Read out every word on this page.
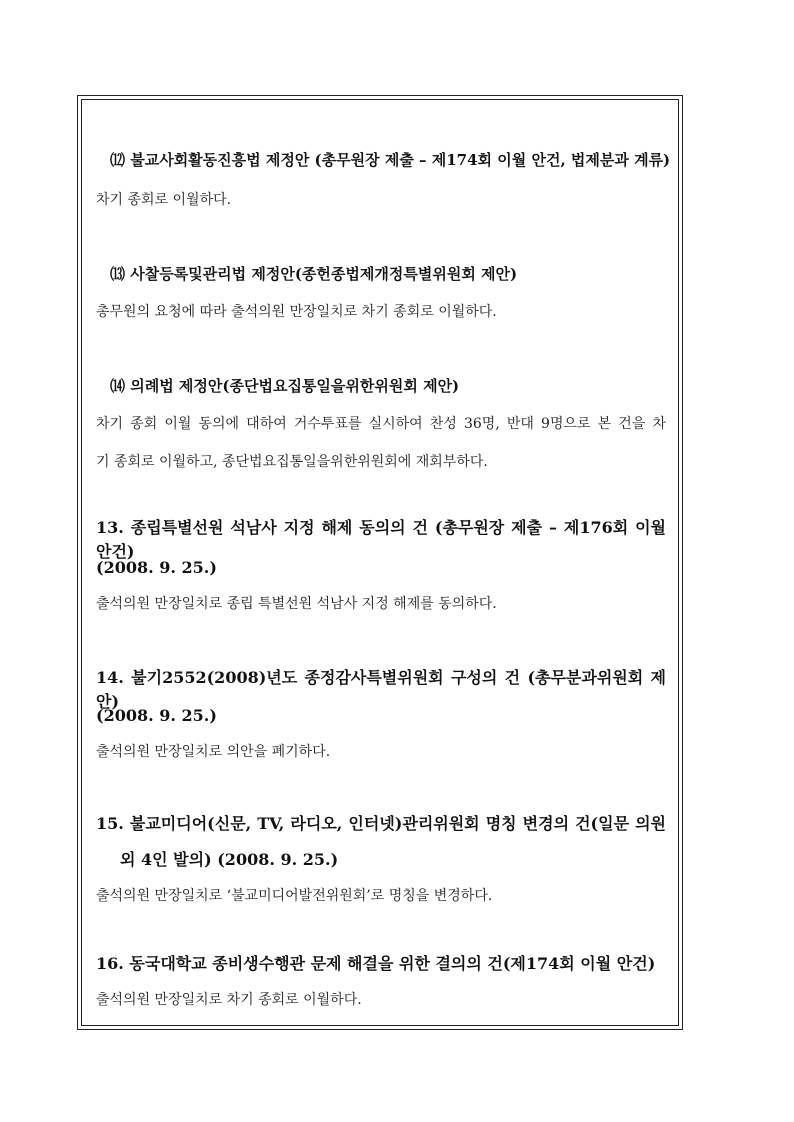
⑿ 불교사회활동진흥법 제정안 (총무원장 제출 – 제174회 이월 안건, 법제분과 계류)
차기 종회로 이월하다.
⒀ 사찰등록및관리법 제정안(종헌종법제개정특별위원회 제안)
총무원의 요청에 따라 출석의원 만장일치로 차기 종회로 이월하다.
⒁ 의례법 제정안(종단법요집통일을위한위원회 제안)
차기 종회 이월 동의에 대하여 거수투표를 실시하여 찬성 36명, 반대 9명으로 본 건을 차
기 종회로 이월하고, 종단법요집통일을위한위원회에 재회부하다.
13. 종립특별선원 석남사 지정 해제 동의의 건 (총무원장 제출 – 제176회 이월 안건)
(2008. 9. 25.)
출석의원 만장일치로 종립 특별선원 석남사 지정 해제를 동의하다.
14. 불기2552(2008)년도 종정감사특별위원회 구성의 건 (총무분과위원회 제안)
(2008. 9. 25.)
출석의원 만장일치로 의안을 폐기하다.
15. 불교미디어(신문, TV, 라디오, 인터넷)관리위원회 명칭 변경의 건(일문 의원
외 4인 발의) (2008. 9. 25.)
출석의원 만장일치로 ‘불교미디어발전위원회’로 명칭을 변경하다.
16. 동국대학교 종비생수행관 문제 해결을 위한 결의의 건(제174회 이월 안건)
출석의원 만장일치로 차기 종회로 이월하다.
